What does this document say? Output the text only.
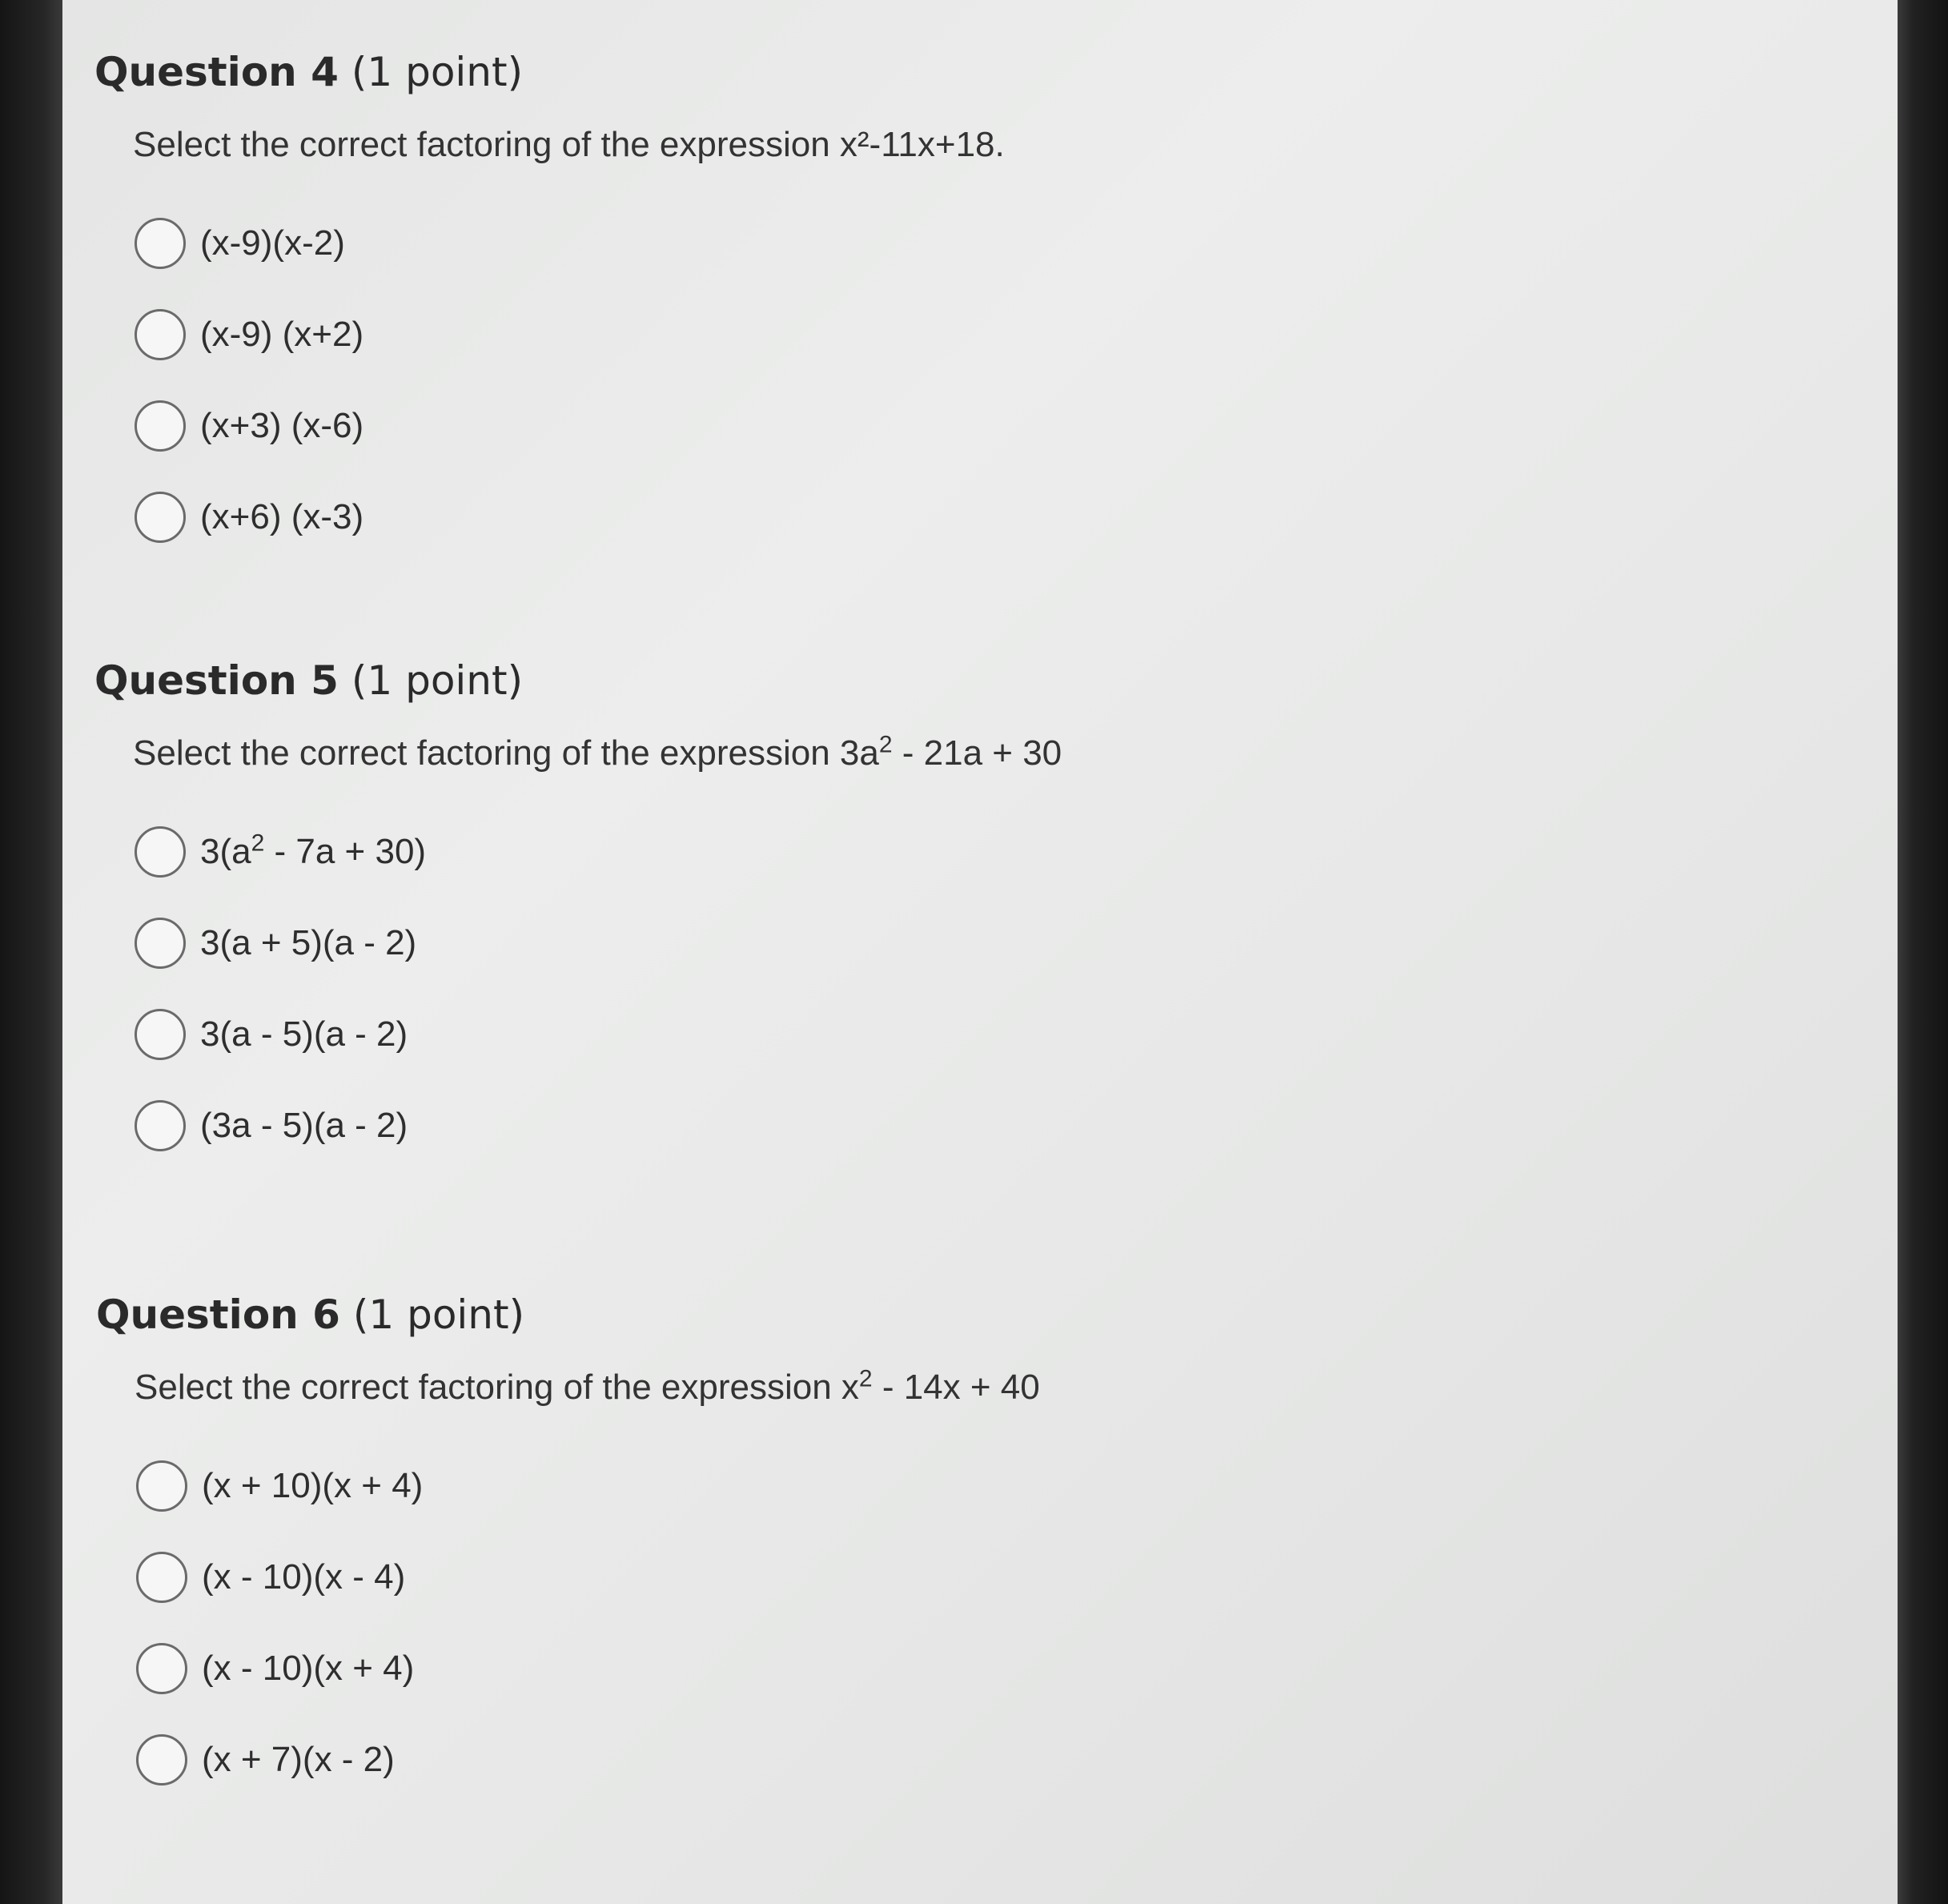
Question 4 (1 point)
Select the correct factoring of the expression x²-11x+18.
(x-9)(x-2)
(x-9) (x+2)
(x+3) (x-6)
(x+6) (x-3)
Question 5 (1 point)
Select the correct factoring of the expression $3a^2 - 21a + 30$
$3(a^2 - 7a + 30)$
3(a + 5)(a - 2)
3(a - 5)(a - 2)
(3a - 5)(a - 2)
Question 6 (1 point)
Select the correct factoring of the expression $x^2 - 14x + 40$
(x + 10)(x + 4)
(x - 10)(x - 4)
(x - 10)(x + 4)
(x + 7)(x - 2)
